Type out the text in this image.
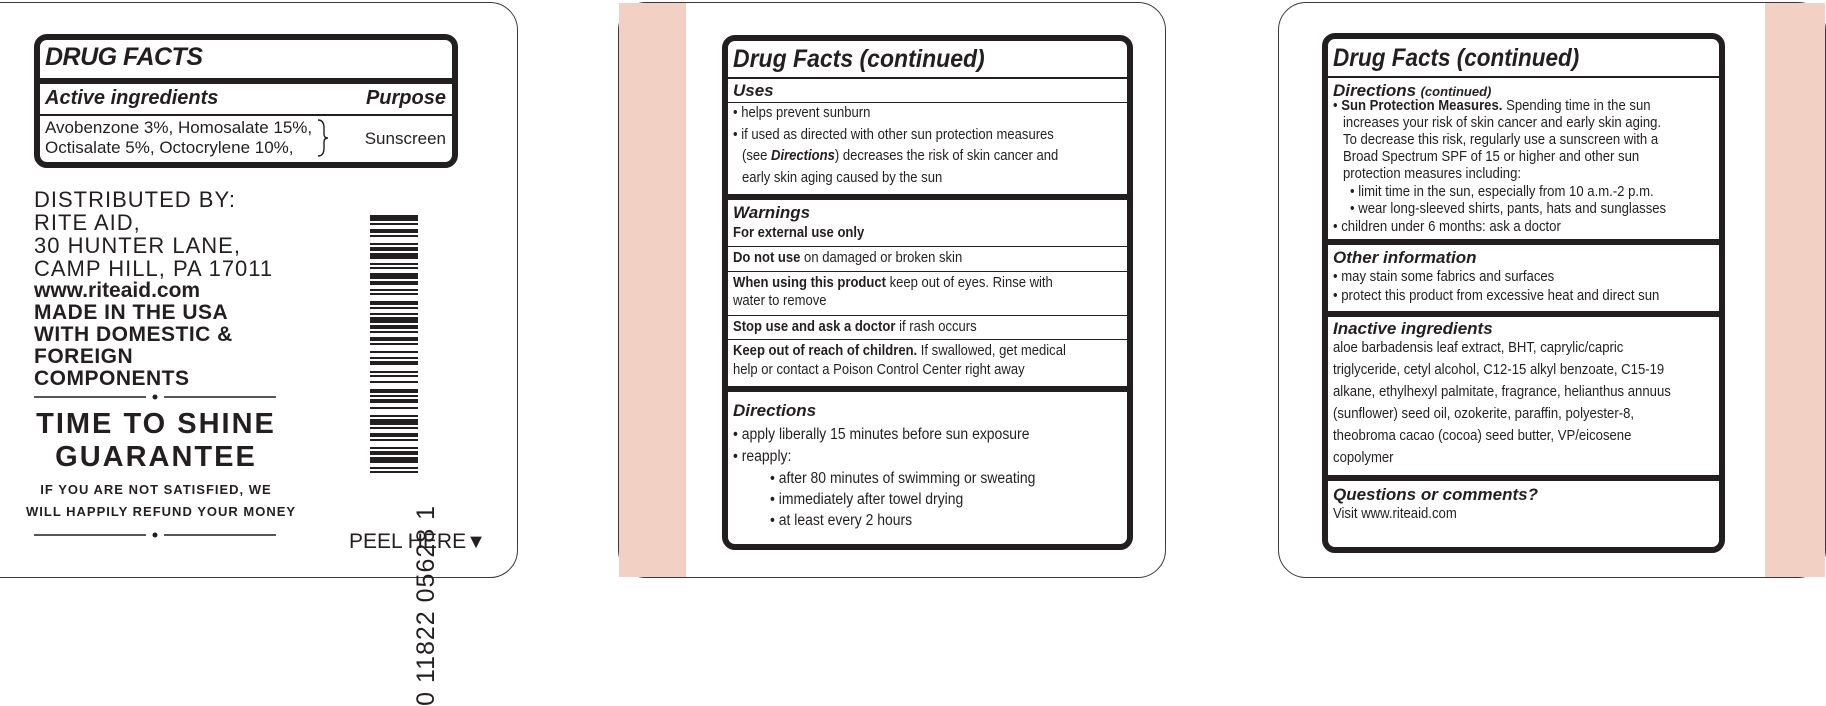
DRUG FACTS
Active ingredients	Purpose
Avobenzone 3%, Homosalate 15%,
Octisalate 5%, Octocrylene 10%,	Sunscreen
DISTRIBUTED BY:
RITE AID,
30 HUNTER LANE,
CAMP HILL, PA 17011
www.riteaid.com
MADE IN THE USA
WITH DOMESTIC &
FOREIGN
COMPONENTS
TIME TO SHINE
GUARANTEE
IF YOU ARE NOT SATISFIED, WE
WILL HAPPILY REFUND YOUR MONEY	0 11822 05628 1
PEEL HERE▼
Drug Facts (continued)
Uses
• helps prevent sunburn
• if used as directed with other sun protection measures
(see Directions) decreases the risk of skin cancer and
early skin aging caused by the sun
Warnings
For external use only
Do not use on damaged or broken skin
When using this product keep out of eyes. Rinse with
water to remove
Stop use and ask a doctor if rash occurs
Keep out of reach of children. If swallowed, get medical
help or contact a Poison Control Center right away
Directions
• apply liberally 15 minutes before sun exposure
• reapply:
• after 80 minutes of swimming or sweating
• immediately after towel drying
• at least every 2 hours
Drug Facts (continued)
Directions (continued)
• Sun Protection Measures. Spending time in the sun
increases your risk of skin cancer and early skin aging.
To decrease this risk, regularly use a sunscreen with a
Broad Spectrum SPF of 15 or higher and other sun
protection measures including:
• limit time in the sun, especially from 10 a.m.-2 p.m.
• wear long-sleeved shirts, pants, hats and sunglasses
• children under 6 months: ask a doctor
Other information
• may stain some fabrics and surfaces
• protect this product from excessive heat and direct sun
Inactive ingredients
aloe barbadensis leaf extract, BHT, caprylic/capric
triglyceride, cetyl alcohol, C12-15 alkyl benzoate, C15-19
alkane, ethylhexyl palmitate, fragrance, helianthus annuus
(sunflower) seed oil, ozokerite, paraffin, polyester-8,
theobroma cacao (cocoa) seed butter, VP/eicosene
copolymer
Questions or comments?
Visit www.riteaid.com
